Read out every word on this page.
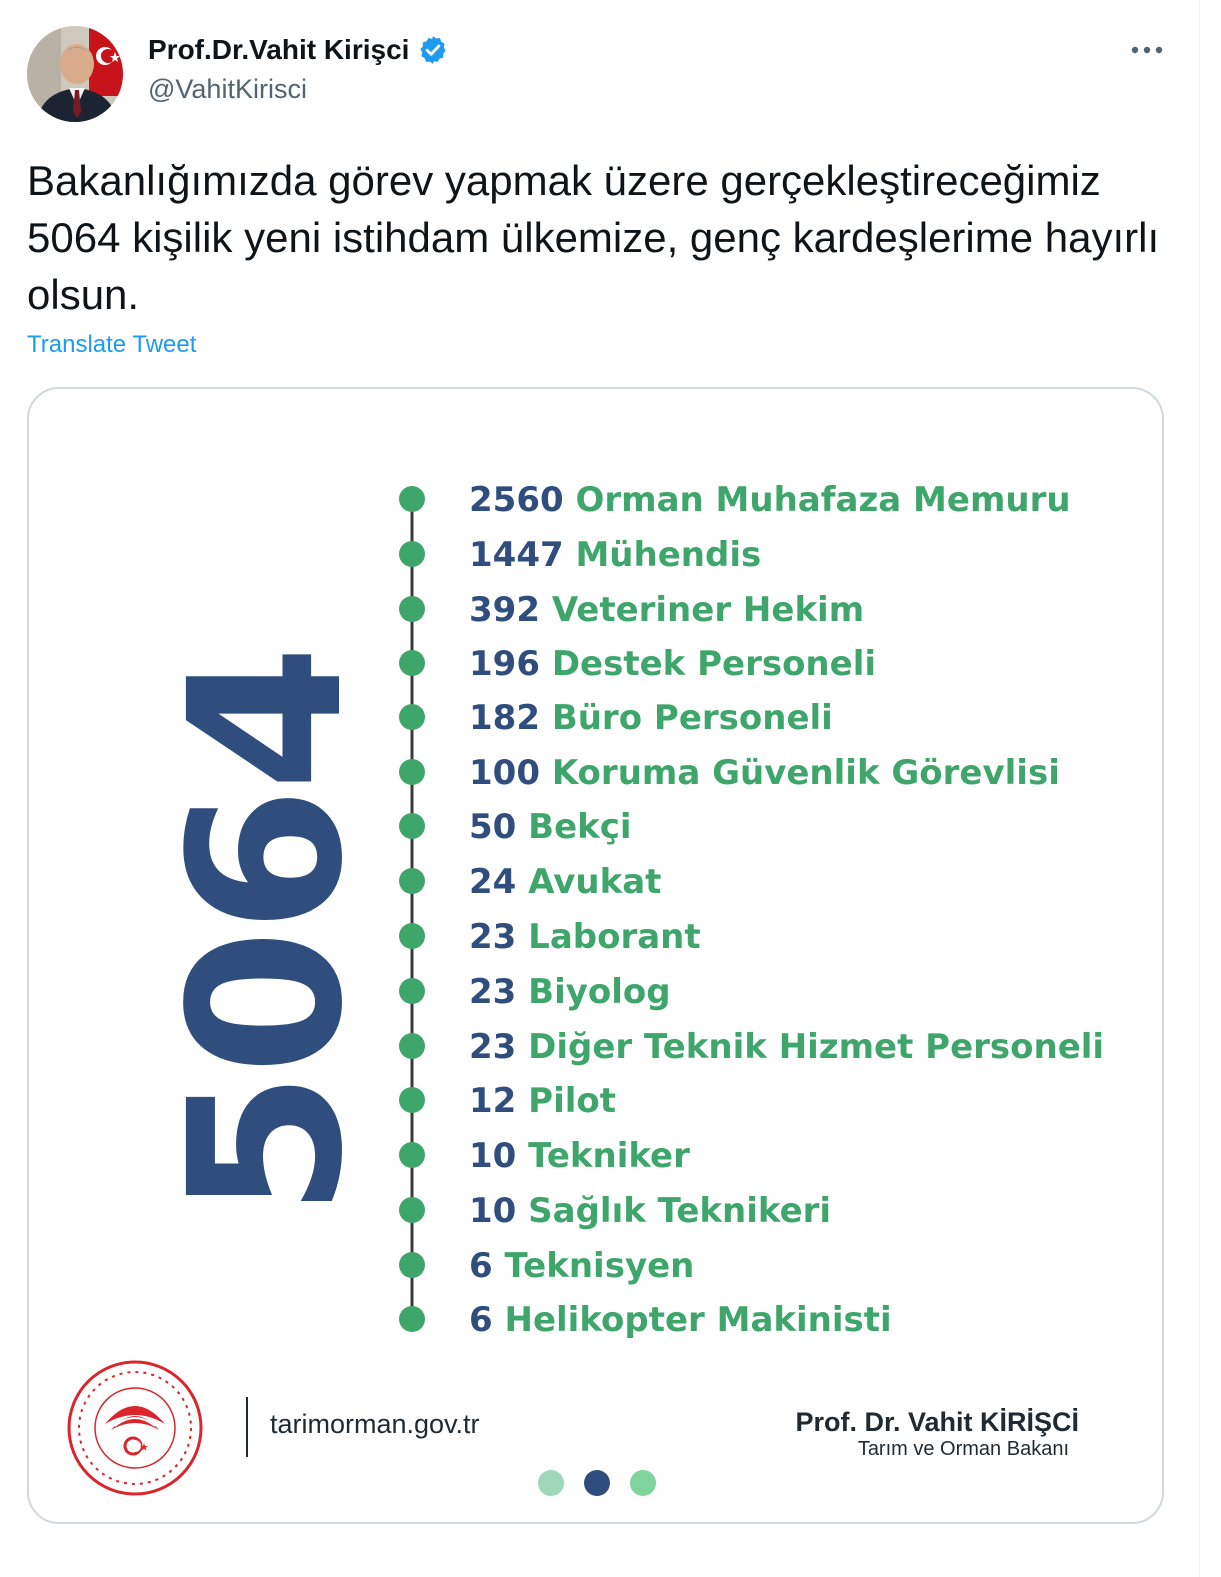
Prof.Dr.Vahit Kirişci
@VahitKirisci
Bakanlığımızda görev yapmak üzere gerçekleştireceğimiz 5064 kişilik yeni istihdam ülkemize, genç kardeşlerime hayırlı olsun.
Translate Tweet
5064
2560 Orman Muhafaza Memuru
1447 Mühendis
392 Veteriner Hekim
196 Destek Personeli
182 Büro Personeli
100 Koruma Güvenlik Görevlisi
50 Bekçi
24 Avukat
23 Laborant
23 Biyolog
23 Diğer Teknik Hizmet Personeli
12 Pilot
10 Tekniker
10 Sağlık Teknikeri
6 Teknisyen
6 Helikopter Makinisti
tarimorman.gov.tr	Prof. Dr. Vahit KİRİŞCİ
Tarım ve Orman Bakanı
